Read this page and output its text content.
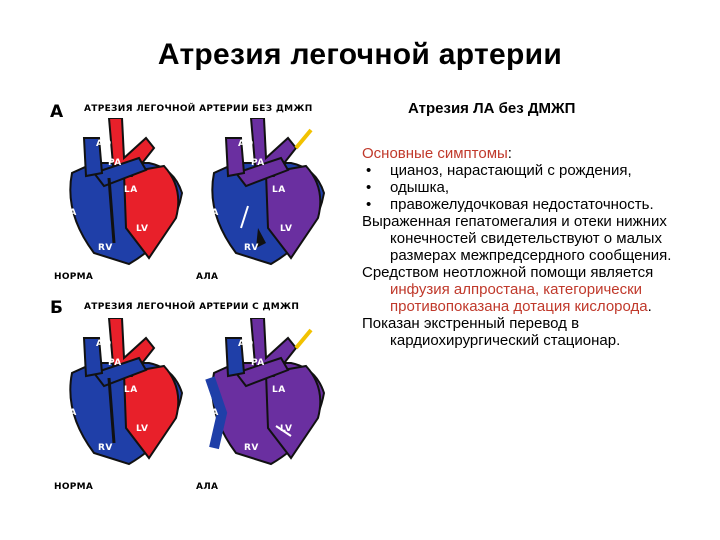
Атрезия легочной артерии
А АТРЕЗИЯ ЛЕГОЧНОЙ АРТЕРИИ БЕЗ ДМЖП
AO
PA
LA
RA
LV
RV
НОРМА
AO
PA
LA
RA
LV
RV
АЛА
Б АТРЕЗИЯ ЛЕГОЧНОЙ АРТЕРИИ С ДМЖП
AO
PA
LA
RA
LV
RV
НОРМА
AO
PA
LA
RA
LV
RV
АЛА
Атрезия ЛА без ДМЖП

Основные симптомы:

• цианоз, нарастающий с рождения,

• одышка,

• правожелудочковая недостаточность.

Выраженная гепатомегалия и отеки нижних конечностей свидетельствуют о малых размерах межпредсердного сообщения.

Средством неотложной помощи является инфузия алпростана, категорически противопоказана дотация кислорода.

Показан экстренный перевод в кардиохирургический стационар.
